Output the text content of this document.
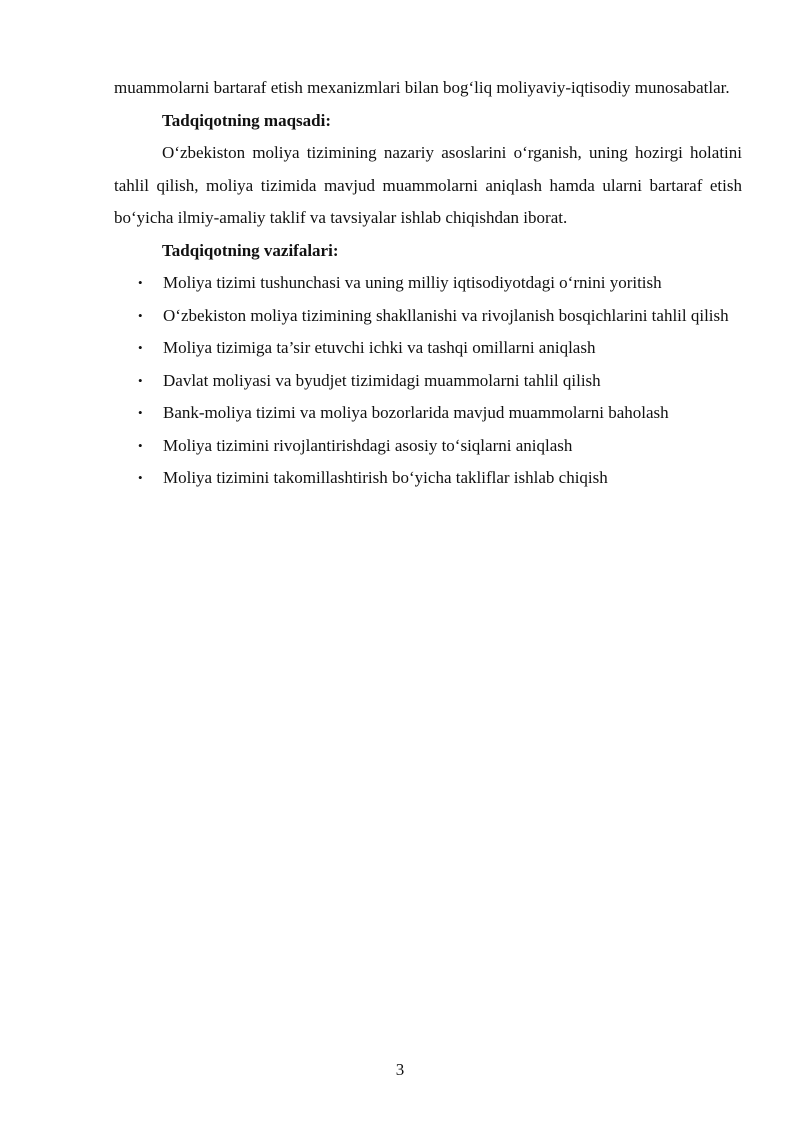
muammolarni bartaraf etish mexanizmlari bilan bog‘liq moliyaviy-iqtisodiy munosabatlar.

Tadqiqotning maqsadi:

O‘zbekiston moliya tizimining nazariy asoslarini o‘rganish, uning hozirgi holatini tahlil qilish, moliya tizimida mavjud muammolarni aniqlash hamda ularni bartaraf etish bo‘yicha ilmiy-amaliy taklif va tavsiyalar ishlab chiqishdan iborat.

Tadqiqotning vazifalari:

• Moliya tizimi tushunchasi va uning milliy iqtisodiyotdagi o‘rnini yoritish
• O‘zbekiston moliya tizimining shakllanishi va rivojlanish bosqichlarini tahlil qilish
• Moliya tizimiga ta’sir etuvchi ichki va tashqi omillarni aniqlash
• Davlat moliyasi va byudjet tizimidagi muammolarni tahlil qilish
• Bank-moliya tizimi va moliya bozorlarida mavjud muammolarni baholash
• Moliya tizimini rivojlantirishdagi asosiy to‘siqlarni aniqlash
• Moliya tizimini takomillashtirish bo‘yicha takliflar ishlab chiqish
3
